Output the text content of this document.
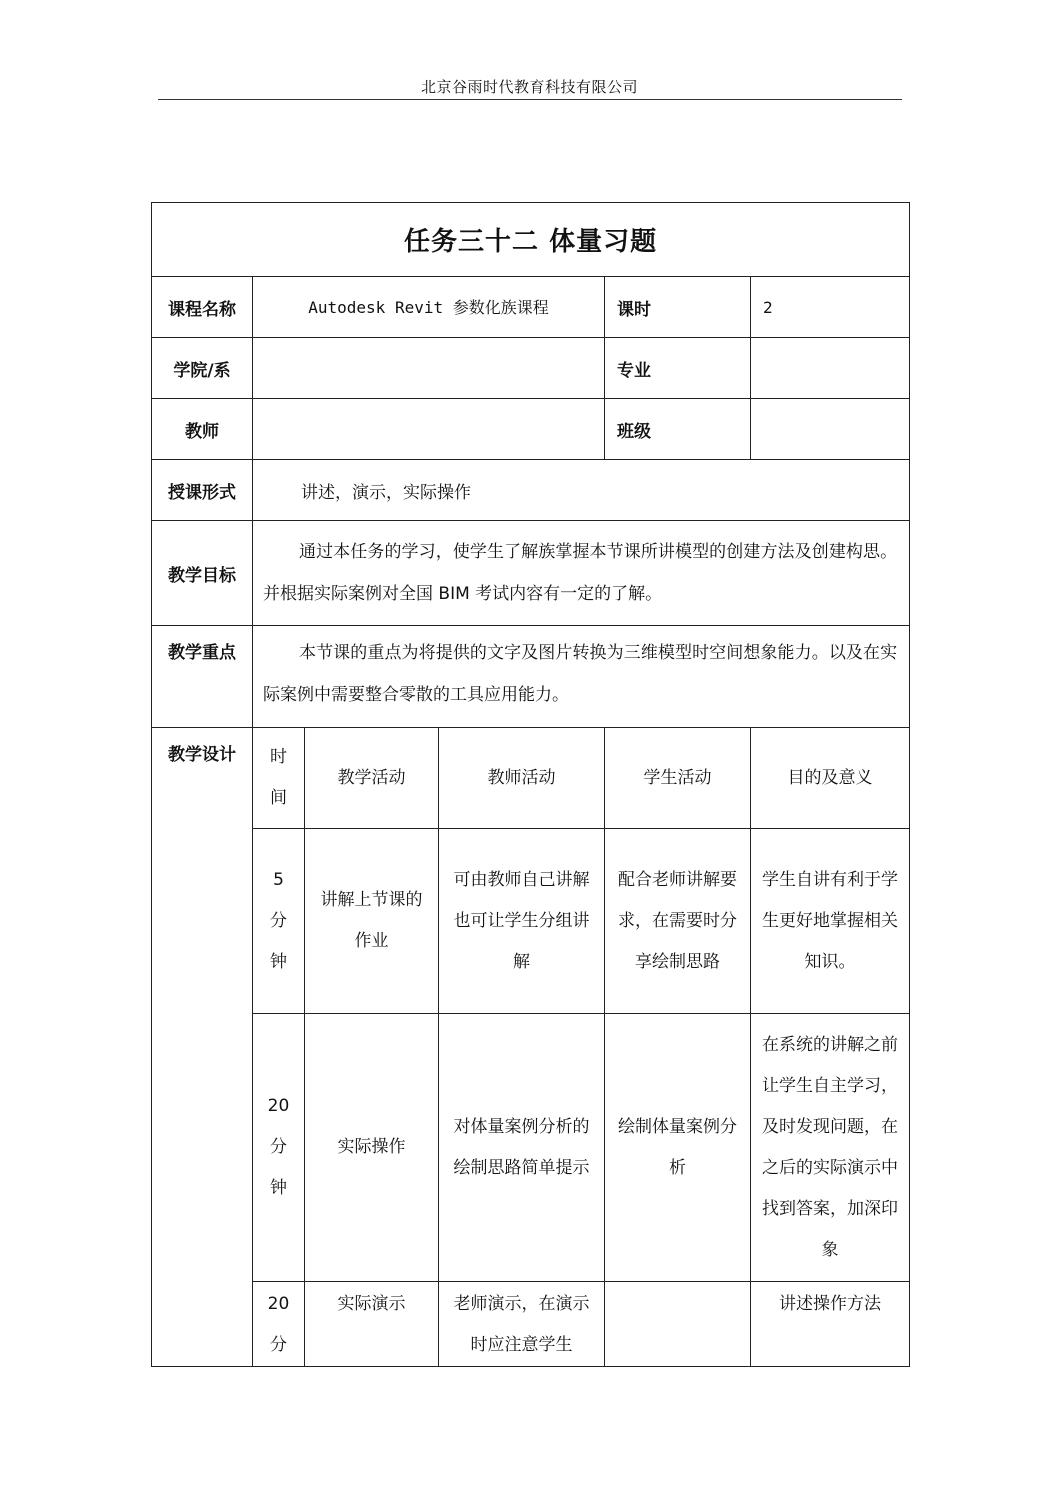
北京谷雨时代教育科技有限公司
任务三十二 体量习题					
课程名称	Autodesk Revit 参数化族课程			课时	2
学院/系				专业	
教师				班级	
授课形式	讲述，演示，实际操作				
教学目标	通过本任务的学习，使学生了解族掌握本节课所讲模型的创建方法及创建构思。并根据实际案例对全国 BIM 考试内容有一定的了解。				
教学重点	本节课的重点为将提供的文字及图片转换为三维模型时空间想象能力。以及在实际案例中需要整合零散的工具应用能力。				
教学设计	时间	教学活动	教师活动	学生活动	目的及意义
	5分钟	讲解上节课的作业	可由教师自己讲解也可让学生分组讲解	配合老师讲解要求，在需要时分享绘制思路	学生自讲有利于学生更好地掌握相关知识。
	20分钟	实际操作	对体量案例分析的绘制思路简单提示	绘制体量案例分析	在系统的讲解之前让学生自主学习，及时发现问题，在之后的实际演示中找到答案，加深印象
	20分	实际演示	老师演示，在演示时应注意学生		讲述操作方法
